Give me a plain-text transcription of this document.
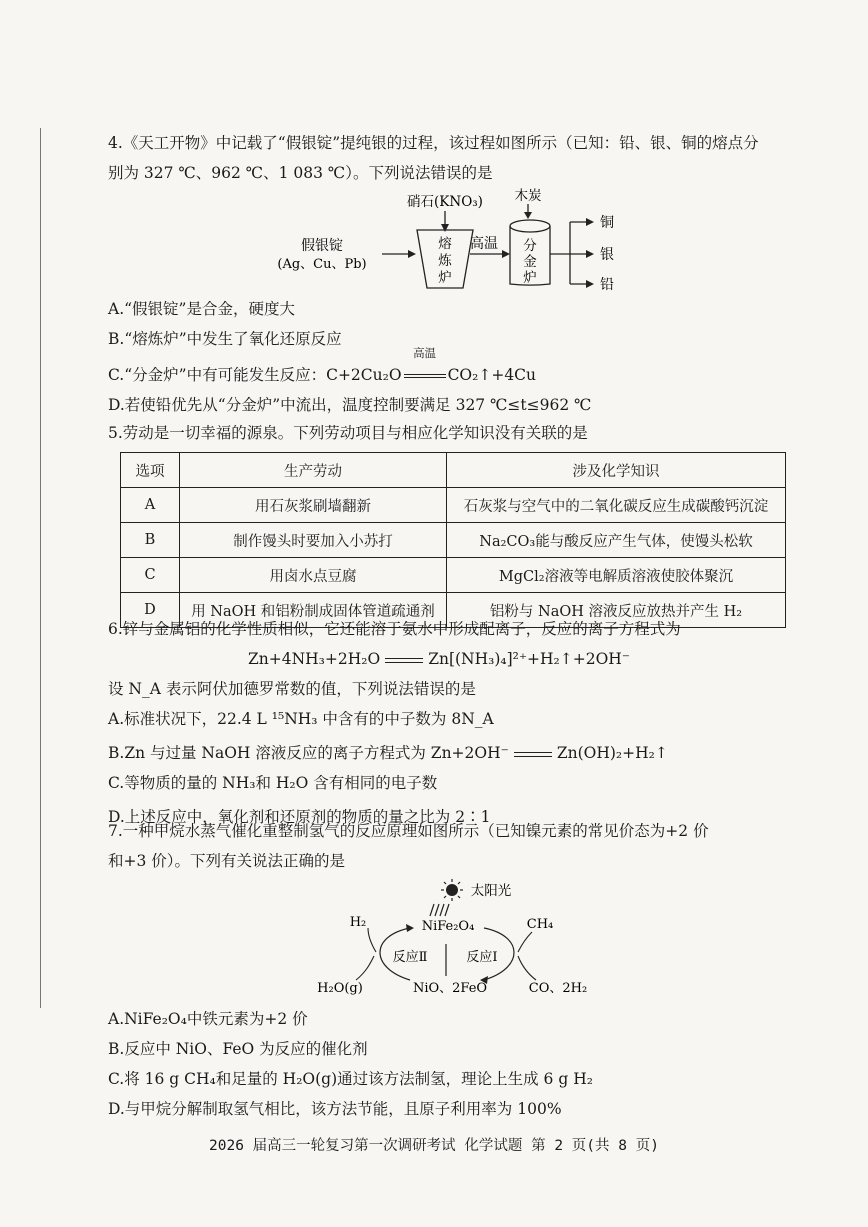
4.《天工开物》中记载了“假银锭”提纯银的过程，该过程如图所示（已知：铅、银、铜的熔点分
别为 327 ℃、962 ℃、1 083 ℃）。下列说法错误的是
假银锭
(Ag、Cu、Pb)
硝石(KNO₃)
熔
炼
炉
高温
木炭
分
金
炉
铜
银
铅
A.“假银锭”是合金，硬度大
B.“熔炼炉”中发生了氧化还原反应
C.“分金炉”中有可能发生反应：C+2Cu₂O
高温
CO₂↑+4Cu
D.若使铅优先从“分金炉”中流出，温度控制要满足 327 ℃≤t≤962 ℃
5.劳动是一切幸福的源泉。下列劳动项目与相应化学知识没有关联的是
选项	生产劳动	涉及化学知识
A	用石灰浆刷墙翻新	石灰浆与空气中的二氧化碳反应生成碳酸钙沉淀
B	制作馒头时要加入小苏打	Na₂CO₃能与酸反应产生气体，使馒头松软
C	用卤水点豆腐	MgCl₂溶液等电解质溶液使胶体聚沉
D	用 NaOH 和铝粉制成固体管道疏通剂	铝粉与 NaOH 溶液反应放热并产生 H₂
6.锌与金属铝的化学性质相似，它还能溶于氨水中形成配离子，反应的离子方程式为
Zn+4NH₃+2H₂O	Zn[(NH₃)₄]²⁺+H₂↑+2OH⁻
设 N_A 表示阿伏加德罗常数的值，下列说法错误的是
A.标准状况下，22.4 L ¹⁵NH₃ 中含有的中子数为 8N_A
B.Zn 与过量 NaOH 溶液反应的离子方程式为 Zn+2OH⁻	Zn(OH)₂+H₂↑
C.等物质的量的 NH₃和 H₂O 含有相同的电子数
D.上述反应中，氧化剂和还原剂的物质的量之比为 2∶1
7.一种甲烷水蒸气催化重整制氢气的反应原理如图所示（已知镍元素的常见价态为+2 价
和+3 价）。下列有关说法正确的是
太阳光
NiFe₂O₄
H₂	CH₄
H₂O(g)	CO、2H₂
NiO、2FeO
反应Ⅱ	反应Ⅰ
A.NiFe₂O₄中铁元素为+2 价
B.反应中 NiO、FeO 为反应的催化剂
C.将 16 g CH₄和足量的 H₂O(g)通过该方法制氢，理论上生成 6 g H₂
D.与甲烷分解制取氢气相比，该方法节能，且原子利用率为 100%
2026 届高三一轮复习第一次调研考试 化学试题 第 2 页(共 8 页)
